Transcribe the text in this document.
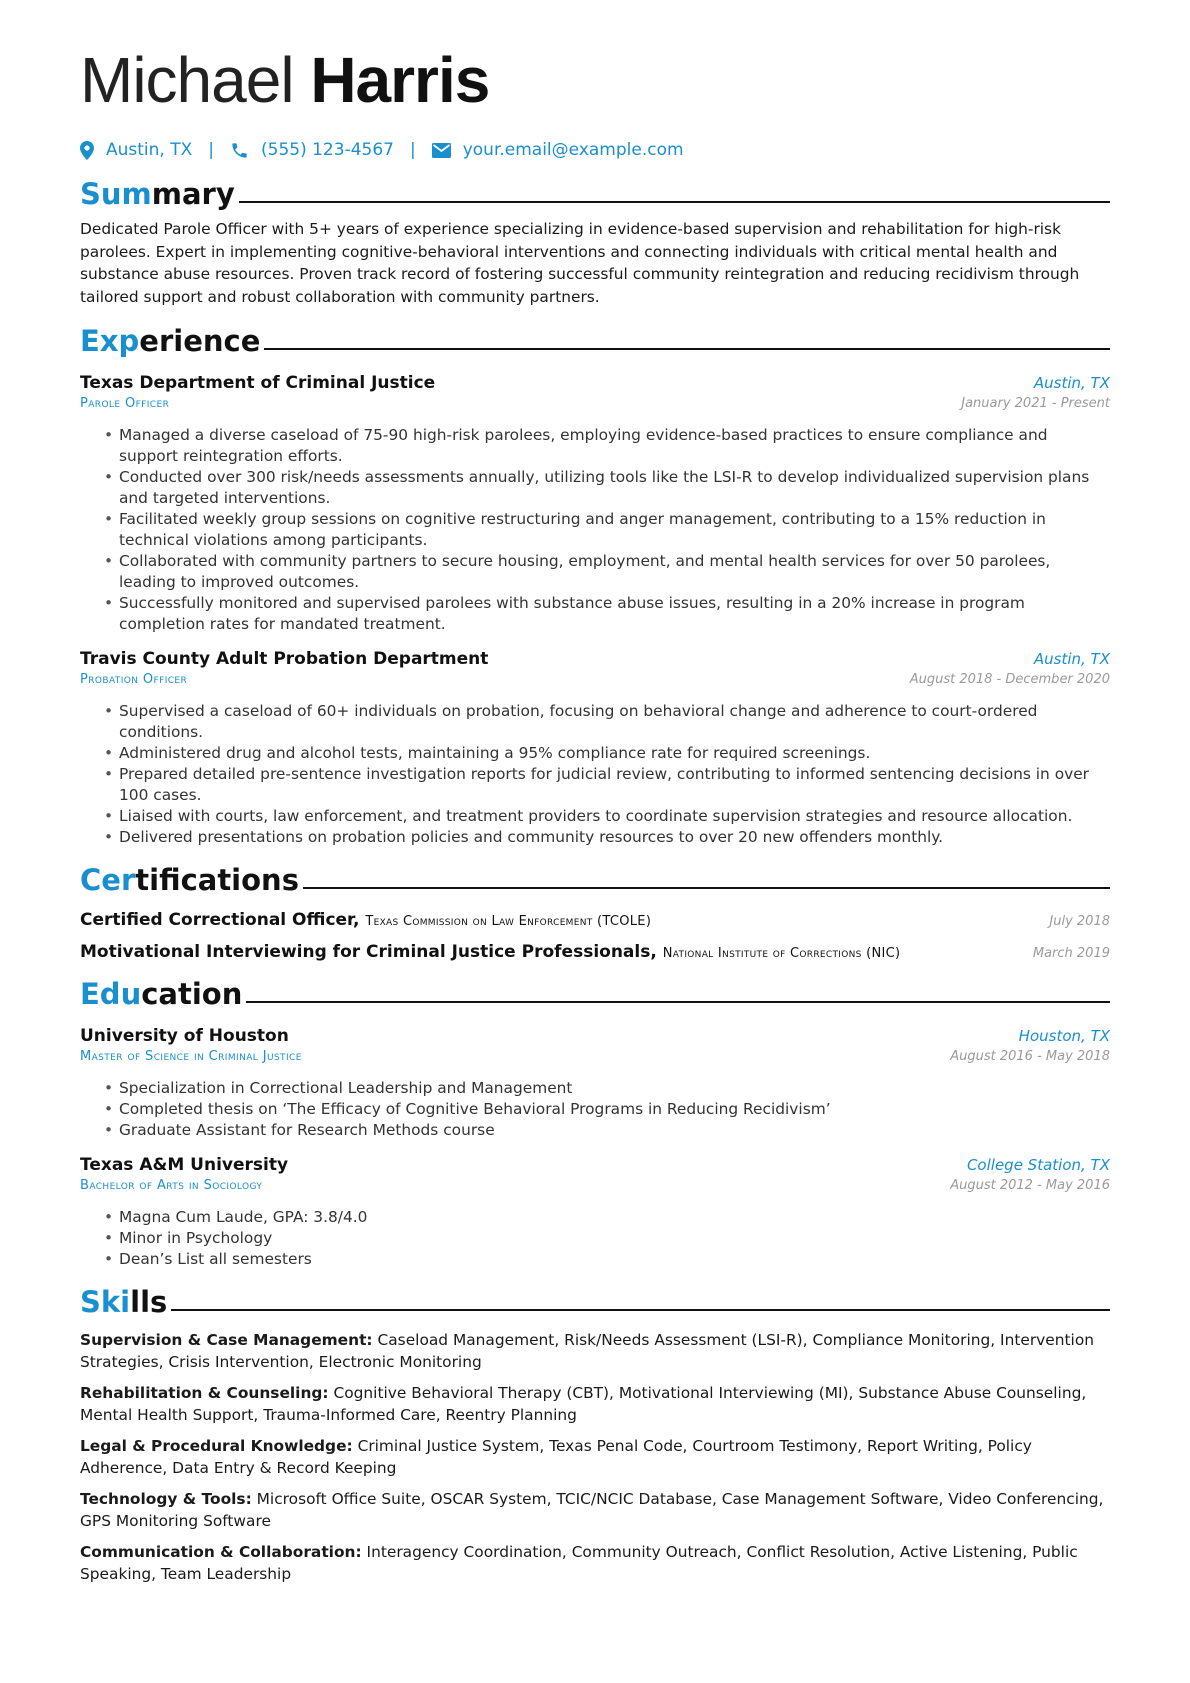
Michael Harris
Austin, TX |	(555) 123-4567 |	your.email@example.com
Summary
Dedicated Parole Officer with 5+ years of experience specializing in evidence-based supervision and rehabilitation for high-risk parolees. Expert in implementing cognitive-behavioral interventions and connecting individuals with critical mental health and substance abuse resources. Proven track record of fostering successful community reintegration and reducing recidivism through tailored support and robust collaboration with community partners.
Experience
Texas Department of Criminal Justice	Austin, TX
Parole Officer	January 2021 - Present
• Managed a diverse caseload of 75-90 high-risk parolees, employing evidence-based practices to ensure compliance and support reintegration efforts.
• Conducted over 300 risk/needs assessments annually, utilizing tools like the LSI-R to develop individualized supervision plans and targeted interventions.
• Facilitated weekly group sessions on cognitive restructuring and anger management, contributing to a 15% reduction in technical violations among participants.
• Collaborated with community partners to secure housing, employment, and mental health services for over 50 parolees, leading to improved outcomes.
• Successfully monitored and supervised parolees with substance abuse issues, resulting in a 20% increase in program completion rates for mandated treatment.
Travis County Adult Probation Department	Austin, TX
Probation Officer	August 2018 - December 2020
• Supervised a caseload of 60+ individuals on probation, focusing on behavioral change and adherence to court-ordered conditions.
• Administered drug and alcohol tests, maintaining a 95% compliance rate for required screenings.
• Prepared detailed pre-sentence investigation reports for judicial review, contributing to informed sentencing decisions in over 100 cases.
• Liaised with courts, law enforcement, and treatment providers to coordinate supervision strategies and resource allocation.
• Delivered presentations on probation policies and community resources to over 20 new offenders monthly.
Certifications
Certified Correctional Officer, Texas Commission on Law Enforcement (TCOLE)	July 2018
Motivational Interviewing for Criminal Justice Professionals, National Institute of Corrections (NIC)	March 2019
Education
University of Houston	Houston, TX
Master of Science in Criminal Justice	August 2016 - May 2018
• Specialization in Correctional Leadership and Management
• Completed thesis on ‘The Efficacy of Cognitive Behavioral Programs in Reducing Recidivism’
• Graduate Assistant for Research Methods course
Texas A&M University	College Station, TX
Bachelor of Arts in Sociology	August 2012 - May 2016
• Magna Cum Laude, GPA: 3.8/4.0
• Minor in Psychology
• Dean’s List all semesters
Skills
Supervision & Case Management: Caseload Management, Risk/Needs Assessment (LSI-R), Compliance Monitoring, Intervention Strategies, Crisis Intervention, Electronic Monitoring
Rehabilitation & Counseling: Cognitive Behavioral Therapy (CBT), Motivational Interviewing (MI), Substance Abuse Counseling, Mental Health Support, Trauma-Informed Care, Reentry Planning
Legal & Procedural Knowledge: Criminal Justice System, Texas Penal Code, Courtroom Testimony, Report Writing, Policy Adherence, Data Entry & Record Keeping
Technology & Tools: Microsoft Office Suite, OSCAR System, TCIC/NCIC Database, Case Management Software, Video Conferencing, GPS Monitoring Software
Communication & Collaboration: Interagency Coordination, Community Outreach, Conflict Resolution, Active Listening, Public Speaking, Team Leadership
